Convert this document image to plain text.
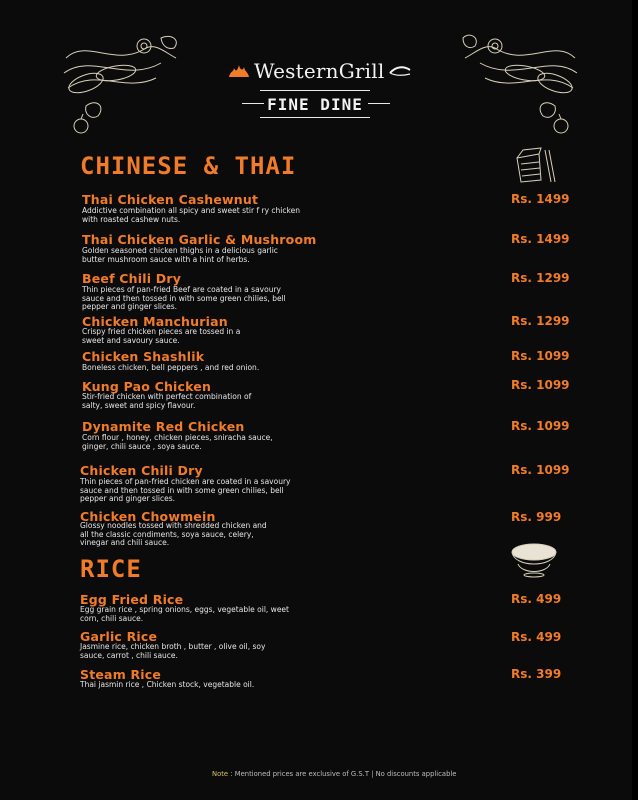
WesternGrill
FINE DINE
CHINESE & THAI
Thai Chicken Cashewnut
Addictive combination all spicy and sweet stir f ry chicken with roasted cashew nuts.
Rs. 1499
Thai Chicken Garlic & Mushroom
Golden seasoned chicken thighs in a delicious garlic butter mushroom sauce with a hint of herbs.
Rs. 1499
Beef Chili Dry
Thin pieces of pan-fried Beef are coated in a savoury sauce and then tossed in with some green chilies, bell pepper and ginger slices.
Rs. 1299
Chicken Manchurian
Crispy fried chicken pieces are tossed in a sweet and savoury sauce.
Rs. 1299
Chicken Shashlik
Boneless chicken, bell peppers , and red onion.
Rs. 1099
Kung Pao Chicken
Stir-fried chicken with perfect combination of salty, sweet and spicy flavour.
Rs. 1099
Dynamite Red Chicken
Corn flour , honey, chicken pieces, sniracha sauce, ginger, chili sauce , soya sauce.
Rs. 1099
Chicken Chili Dry
Thin pieces of pan-fried chicken are coated in a savoury sauce and then tossed in with some green chilies, bell pepper and ginger slices.
Rs. 1099
Chicken Chowmein
Glossy noodles tossed with shredded chicken and all the classic condiments, soya sauce, celery, vinegar and chili sauce.
Rs. 999
RICE
Egg Fried Rice
Egg grain rice , spring onions, eggs, vegetable oil, weet corn, chili sauce.
Rs. 499
Garlic Rice
Jasmine rice, chicken broth , butter , olive oil, soy sauce, carrot , chili sauce.
Rs. 499
Steam Rice
Thai jasmin rice , Chicken stock, vegetable oil.
Rs. 399
Note : Mentioned prices are exclusive of G.S.T | No discounts applicable
